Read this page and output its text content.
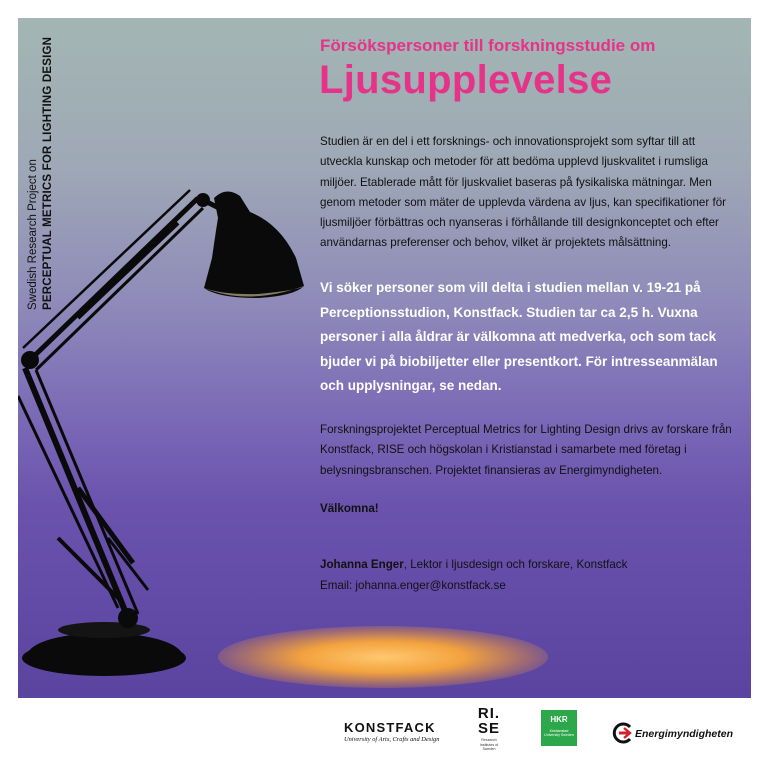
Swedish Research Project on PERCEPTUAL METRICS FOR LIGHTING DESIGN	Försökspersoner till forskningsstudie om
Ljusupplevelse
Studien är en del i ett forsknings- och innovationsprojekt som syftar till att utveckla kunskap och metoder för att bedöma upplevd ljuskvalitet i rumsliga miljöer. Etablerade mått för ljuskvaliet baseras på fysikaliska mätningar. Men genom metoder som mäter de upplevda värdena av ljus, kan specifikationer för ljusmiljöer förbättras och nyanseras i förhållande till designkonceptet och efter användarnas preferenser och behov, vilket är projektets målsättning.
Vi söker personer som vill delta i studien mellan v. 19-21 på Perceptionsstudion, Konstfack. Studien tar ca 2,5 h. Vuxna personer i alla åldrar är välkomna att medverka, och som tack bjuder vi på biobiljetter eller presentkort. För intresseanmälan och upplysningar, se nedan.
Forskningsprojektet Perceptual Metrics for Lighting Design drivs av forskare från Konstfack, RISE och högskolan i Kristianstad i samarbete med företag i belysningsbranschen. Projektet finansieras av Energimyndigheten.
Välkomna!
Johanna Enger, Lektor i ljusdesign och forskare, Konstfack
Email: johanna.enger@konstfack.se
KONSTFACK
University of Arts, Crafts and Design
RI.
SE
Research Institutes of Sweden
HKR
Kristianstad University Sweden	Energimyndigheten
